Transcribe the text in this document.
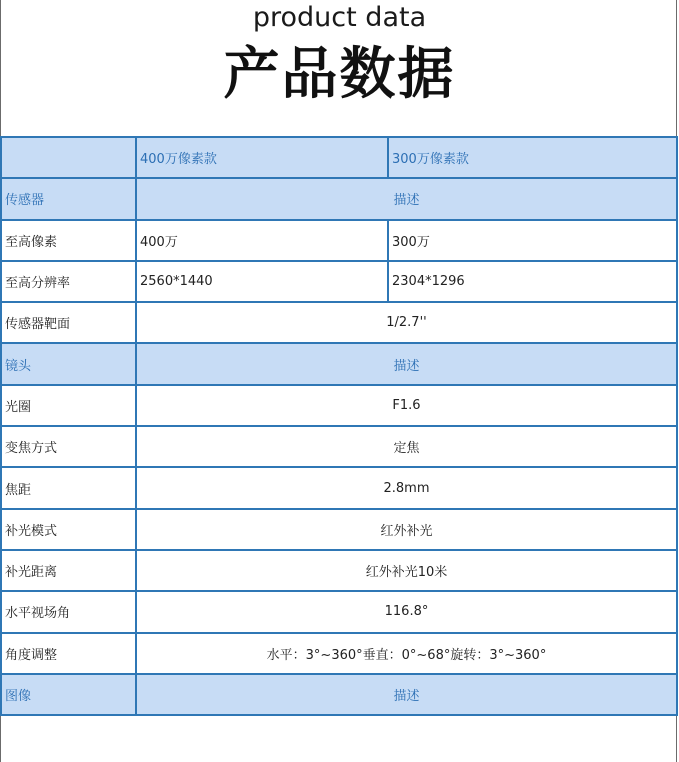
product data
产品数据
	400万像素款	300万像素款
传感器	描述	
至高像素	400万	300万
至高分辨率	2560*1440	2304*1296
传感器靶面	1/2.7''	
镜头	描述	
光圈	F1.6	
变焦方式	定焦	
焦距	2.8mm	
补光模式	红外补光	
补光距离	红外补光10米	
水平视场角	116.8°	
角度调整	水平：3°~360°垂直：0°~68°旋转：3°~360°	
图像	描述	
